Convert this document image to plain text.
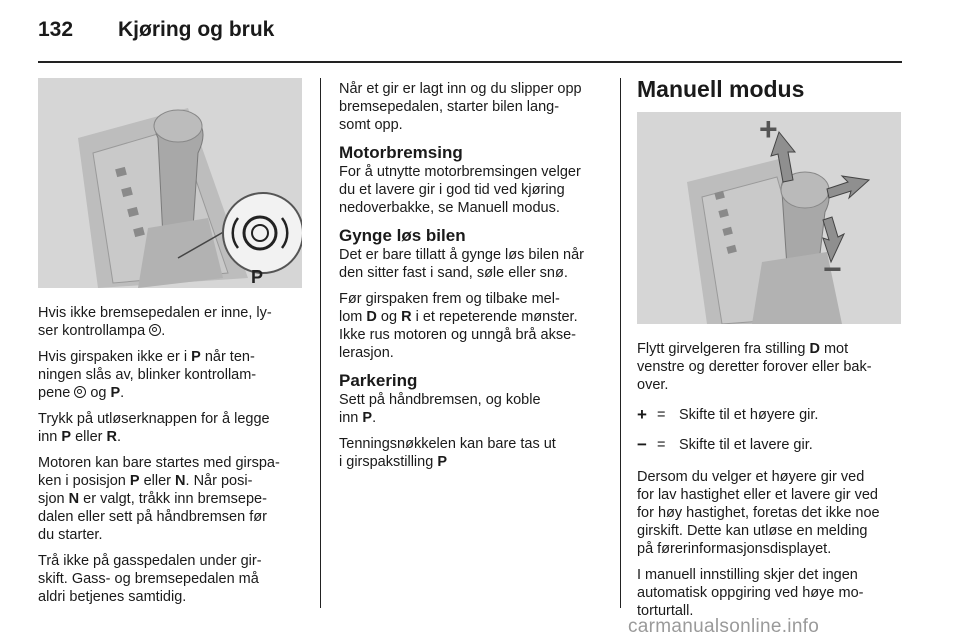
132 Kjøring og bruk
P

Hvis ikke bremsepedalen er inne, ly-
ser kontrollampa .

Hvis girspaken ikke er i P når ten-
ningen slås av, blinker kontrollam-
pene og P.

Trykk på utløserknappen for å legge
inn P eller R.

Motoren kan bare startes med girspa-
ken i posisjon P eller N. Når posi-
sjon N er valgt, tråkk inn bremsepe-
dalen eller sett på håndbremsen før
du starter.

Trå ikke på gasspedalen under gir-
skift. Gass- og bremsepedalen må
aldri betjenes samtidig.

Når et gir er lagt inn og du slipper opp
bremsepedalen, starter bilen lang-
somt opp.

Motorbremsing

For å utnytte motorbremsingen velger
du et lavere gir i god tid ved kjøring
nedoverbakke, se Manuell modus.

Gynge løs bilen

Det er bare tillatt å gynge løs bilen når
den sitter fast i sand, søle eller snø.

Før girspaken frem og tilbake mel-
lom D og R i et repeterende mønster.
Ikke rus motoren og unngå brå akse-
lerasjon.

Parkering

Sett på håndbremsen, og koble
inn P.

Tenningsnøkkelen kan bare tas ut
i girspakstilling P

Manuell modus
+
−

Flytt girvelgeren fra stilling D mot
venstre og deretter forover eller bak-
over.

+ = Skifte til et høyere gir.
− = Skifte til et lavere gir.

Dersom du velger et høyere gir ved
for lav hastighet eller et lavere gir ved
for høy hastighet, foretas det ikke noe
girskift. Dette kan utløse en melding
på førerinformasjonsdisplayet.

I manuell innstilling skjer det ingen
automatisk oppgiring ved høye mo-
torturtall.

carmanualsonline.info
